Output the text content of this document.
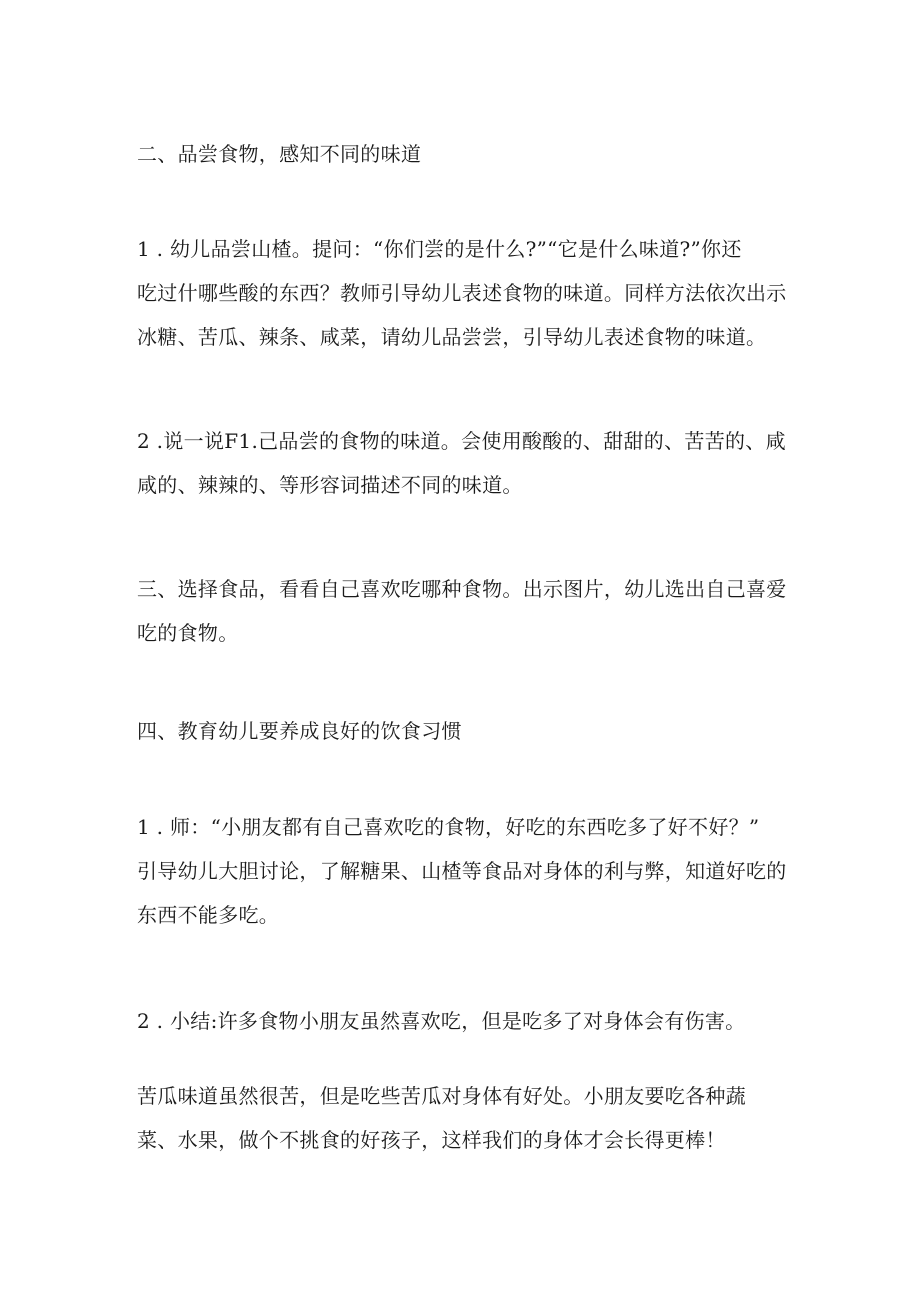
二、品尝食物，感知不同的味道

1 . 幼儿品尝山楂。提问：“你们尝的是什么?”“它是什么味道?”你还
吃过什哪些酸的东西？教师引导幼儿表述食物的味道。同样方法依次出示
冰糖、苦瓜、辣条、咸菜，请幼儿品尝尝，引导幼儿表述食物的味道。

2 .说一说F1.己品尝的食物的味道。会使用酸酸的、甜甜的、苦苦的、咸
咸的、辣辣的、等形容词描述不同的味道。

三、选择食品，看看自己喜欢吃哪种食物。出示图片，幼儿选出自己喜爱
吃的食物。

四、教育幼儿要养成良好的饮食习惯

1 . 师：“小朋友都有自己喜欢吃的食物，好吃的东西吃多了好不好？”
引导幼儿大胆讨论，了解糖果、山楂等食品对身体的利与弊，知道好吃的
东西不能多吃。

2 . 小结:许多食物小朋友虽然喜欢吃，但是吃多了对身体会有伤害。

苦瓜味道虽然很苦，但是吃些苦瓜对身体有好处。小朋友要吃各种蔬
菜、水果，做个不挑食的好孩子，这样我们的身体才会长得更棒！
